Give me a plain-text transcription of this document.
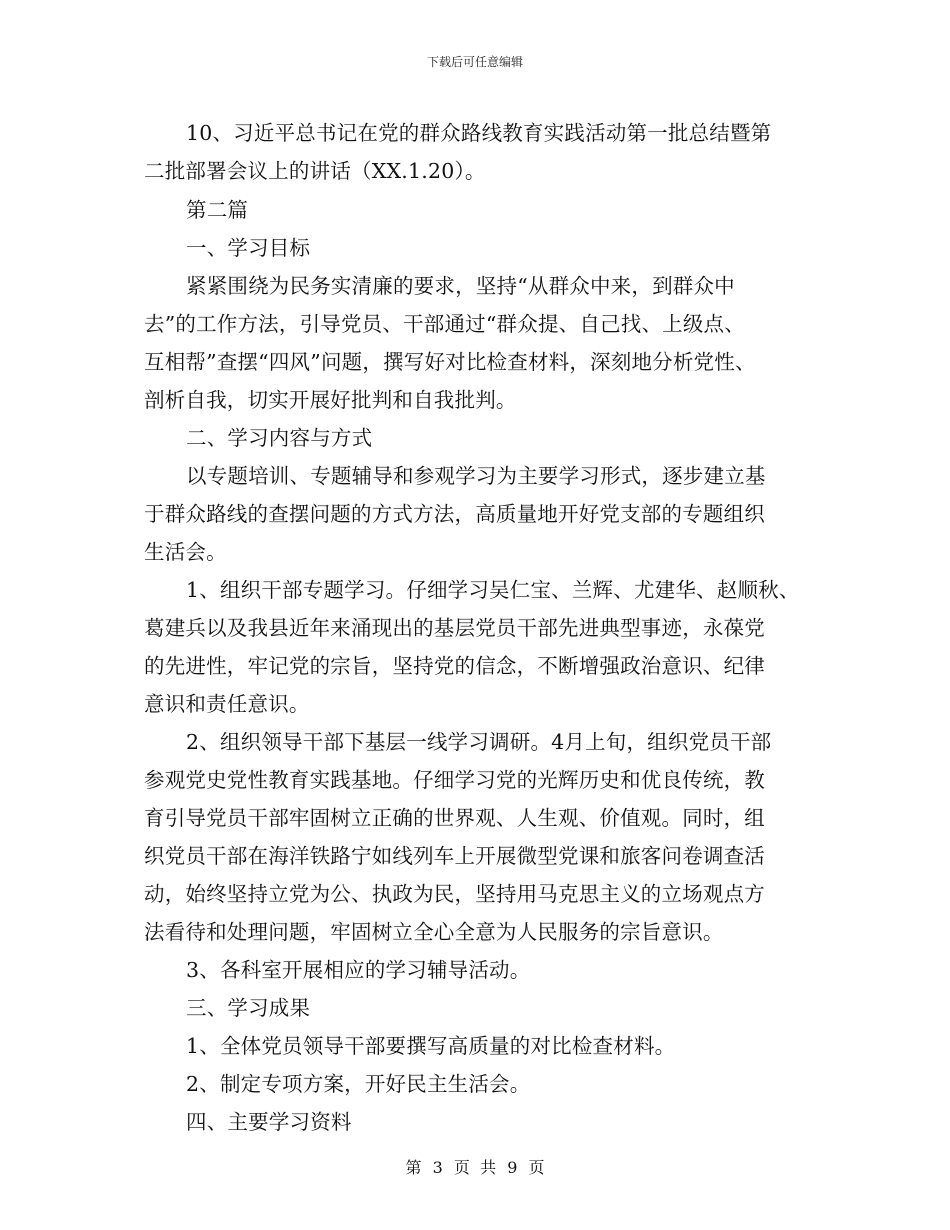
下载后可任意编辑
10、习近平总书记在党的群众路线教育实践活动第一批总结暨第
二批部署会议上的讲话（XX.1.20）。
第二篇
一、学习目标
紧紧围绕为民务实清廉的要求，坚持“从群众中来，到群众中
去”的工作方法，引导党员、干部通过“群众提、自己找、上级点、
互相帮”查摆“四风”问题，撰写好对比检查材料，深刻地分析党性、
剖析自我，切实开展好批判和自我批判。
二、学习内容与方式
以专题培训、专题辅导和参观学习为主要学习形式，逐步建立基
于群众路线的查摆问题的方式方法，高质量地开好党支部的专题组织
生活会。
1、组织干部专题学习。仔细学习吴仁宝、兰辉、尤建华、赵顺秋、
葛建兵以及我县近年来涌现出的基层党员干部先进典型事迹，永葆党
的先进性，牢记党的宗旨，坚持党的信念，不断增强政治意识、纪律
意识和责任意识。
2、组织领导干部下基层一线学习调研。4月上旬，组织党员干部
参观党史党性教育实践基地。仔细学习党的光辉历史和优良传统，教
育引导党员干部牢固树立正确的世界观、人生观、价值观。同时，组
织党员干部在海洋铁路宁如线列车上开展微型党课和旅客问卷调查活
动，始终坚持立党为公、执政为民，坚持用马克思主义的立场观点方
法看待和处理问题，牢固树立全心全意为人民服务的宗旨意识。
3、各科室开展相应的学习辅导活动。
三、学习成果
1、全体党员领导干部要撰写高质量的对比检查材料。
2、制定专项方案，开好民主生活会。
四、主要学习资料
第 3 页  共 9 页
